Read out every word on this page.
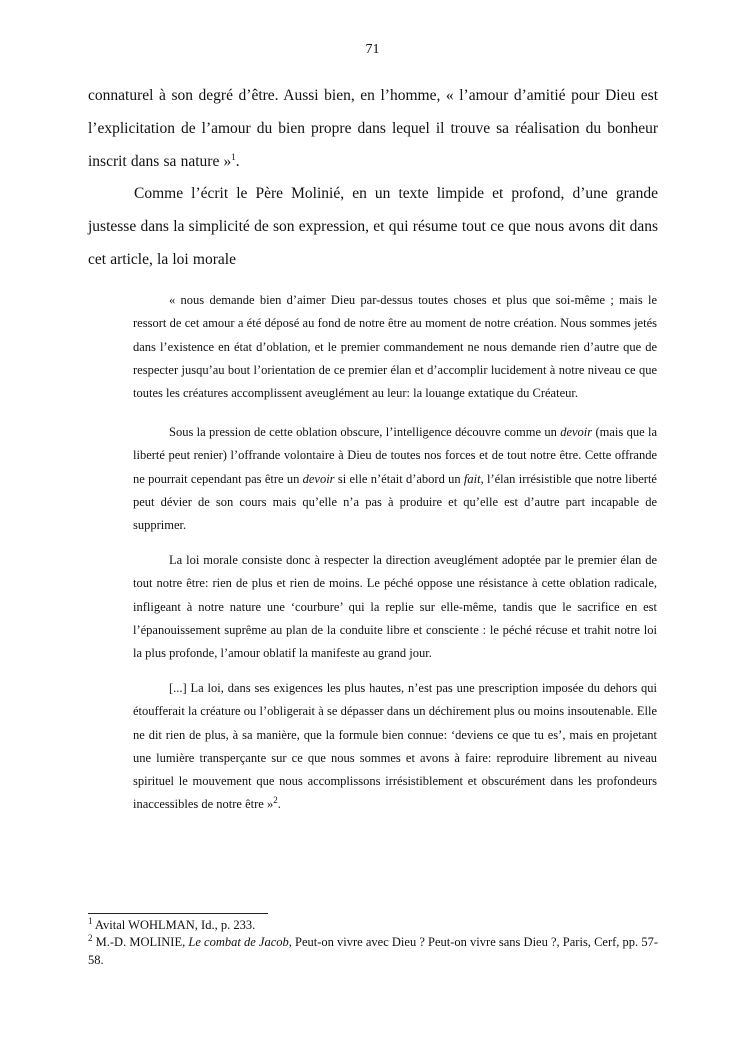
71
connaturel à son degré d’être. Aussi bien, en l’homme, « l’amour d’amitié pour Dieu est l’explicitation de l’amour du bien propre dans lequel il trouve sa réalisation du bonheur inscrit dans sa nature »$^1$.
Comme l’écrit le Père Molinié, en un texte limpide et profond, d’une grande justesse dans la simplicité de son expression, et qui résume tout ce que nous avons dit dans cet article, la loi morale
« nous demande bien d’aimer Dieu par-dessus toutes choses et plus que soi-même ; mais le ressort de cet amour a été déposé au fond de notre être au moment de notre création. Nous sommes jetés dans l’existence en état d’oblation, et le premier commandement ne nous demande rien d’autre que de respecter jusqu’au bout l’orientation de ce premier élan et d’accomplir lucidement à notre niveau ce que toutes les créatures accomplissent aveuglément au leur: la louange extatique du Créateur.
Sous la pression de cette oblation obscure, l’intelligence découvre comme un devoir (mais que la liberté peut renier) l’offrande volontaire à Dieu de toutes nos forces et de tout notre être. Cette offrande ne pourrait cependant pas être un devoir si elle n’était d’abord un fait, l’élan irrésistible que notre liberté peut dévier de son cours mais qu’elle n’a pas à produire et qu’elle est d’autre part incapable de supprimer.
La loi morale consiste donc à respecter la direction aveuglément adoptée par le premier élan de tout notre être: rien de plus et rien de moins. Le péché oppose une résistance à cette oblation radicale, infligeant à notre nature une ‘courbure’ qui la replie sur elle-même, tandis que le sacrifice en est l’épanouissement suprême au plan de la conduite libre et consciente : le péché récuse et trahit notre loi la plus profonde, l’amour oblatif la manifeste au grand jour.
[...] La loi, dans ses exigences les plus hautes, n’est pas une prescription imposée du dehors qui étoufferait la créature ou l’obligerait à se dépasser dans un déchirement plus ou moins insoutenable. Elle ne dit rien de plus, à sa manière, que la formule bien connue: ‘deviens ce que tu es’, mais en projetant une lumière transperçante sur ce que nous sommes et avons à faire: reproduire librement au niveau spirituel le mouvement que nous accomplissons irrésistiblement et obscurément dans les profondeurs inaccessibles de notre être »$^2$.
$^1$ Avital WOHLMAN, Id., p. 233.
$^2$ M.-D. MOLINIE, Le combat de Jacob, Peut-on vivre avec Dieu ? Peut-on vivre sans Dieu ?, Paris, Cerf, pp. 57-58.
